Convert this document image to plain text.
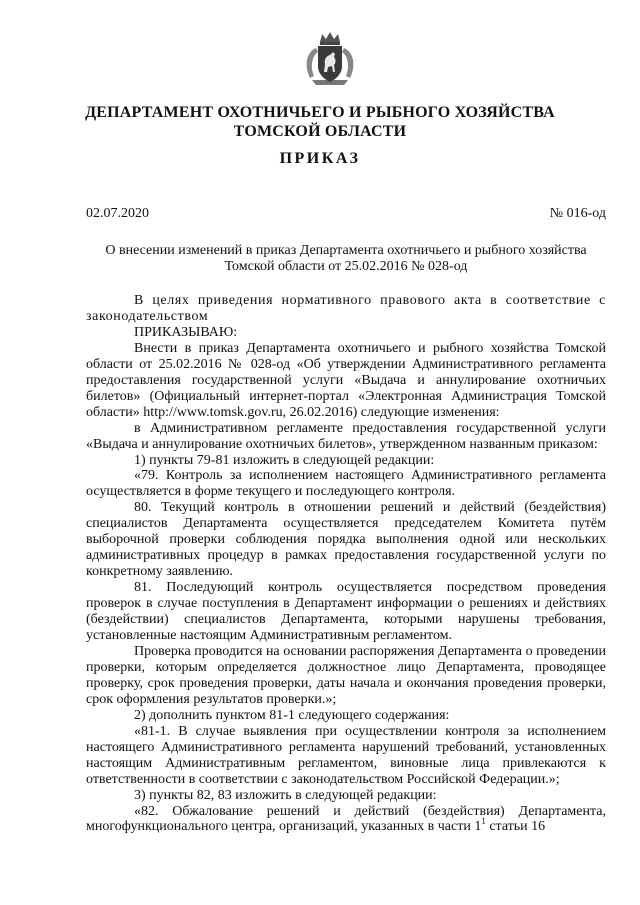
ДЕПАРТАМЕНТ ОХОТНИЧЬЕГО И РЫБНОГО ХОЗЯЙСТВА
ТОМСКОЙ ОБЛАСТИ
ПРИКАЗ
02.07.2020	№ 016-од
О внесении изменений в приказ Департамента охотничьего и рыбного хозяйства Томской области от 25.02.2016 № 028-од

В целях приведения нормативного правового акта в соответствие с законодательством

ПРИКАЗЫВАЮ:

Внести в приказ Департамента охотничьего и рыбного хозяйства Томской области от 25.02.2016 № 028-од «Об утверждении Административного регламента предоставления государственной услуги «Выдача и аннулирование охотничьих билетов» (Официальный интернет-портал «Электронная Администрация Томской области» http://www.tomsk.gov.ru, 26.02.2016) следующие изменения:

в Административном регламенте предоставления государственной услуги «Выдача и аннулирование охотничьих билетов», утвержденном названным приказом:

1) пункты 79-81 изложить в следующей редакции:

«79. Контроль за исполнением настоящего Административного регламента осуществляется в форме текущего и последующего контроля.

80. Текущий контроль в отношении решений и действий (бездействия) специалистов Департамента осуществляется председателем Комитета путём выборочной проверки соблюдения порядка выполнения одной или нескольких административных процедур в рамках предоставления государственной услуги по конкретному заявлению.

81. Последующий контроль осуществляется посредством проведения проверок в случае поступления в Департамент информации о решениях и действиях (бездействии) специалистов Департамента, которыми нарушены требования, установленные настоящим Административным регламентом.

Проверка проводится на основании распоряжения Департамента о проведении проверки, которым определяется должностное лицо Департамента, проводящее проверку, срок проведения проверки, даты начала и окончания проведения проверки, срок оформления результатов проверки.»;

2) дополнить пунктом 81-1 следующего содержания:

«81-1. В случае выявления при осуществлении контроля за исполнением настоящего Административного регламента нарушений требований, установленных настоящим Административным регламентом, виновные лица привлекаются к ответственности в соответствии с законодательством Российской Федерации.»;

3) пункты 82, 83 изложить в следующей редакции:

«82. Обжалование решений и действий (бездействия) Департамента, многофункционального центра, организаций, указанных в части $1^1$ статьи 16
